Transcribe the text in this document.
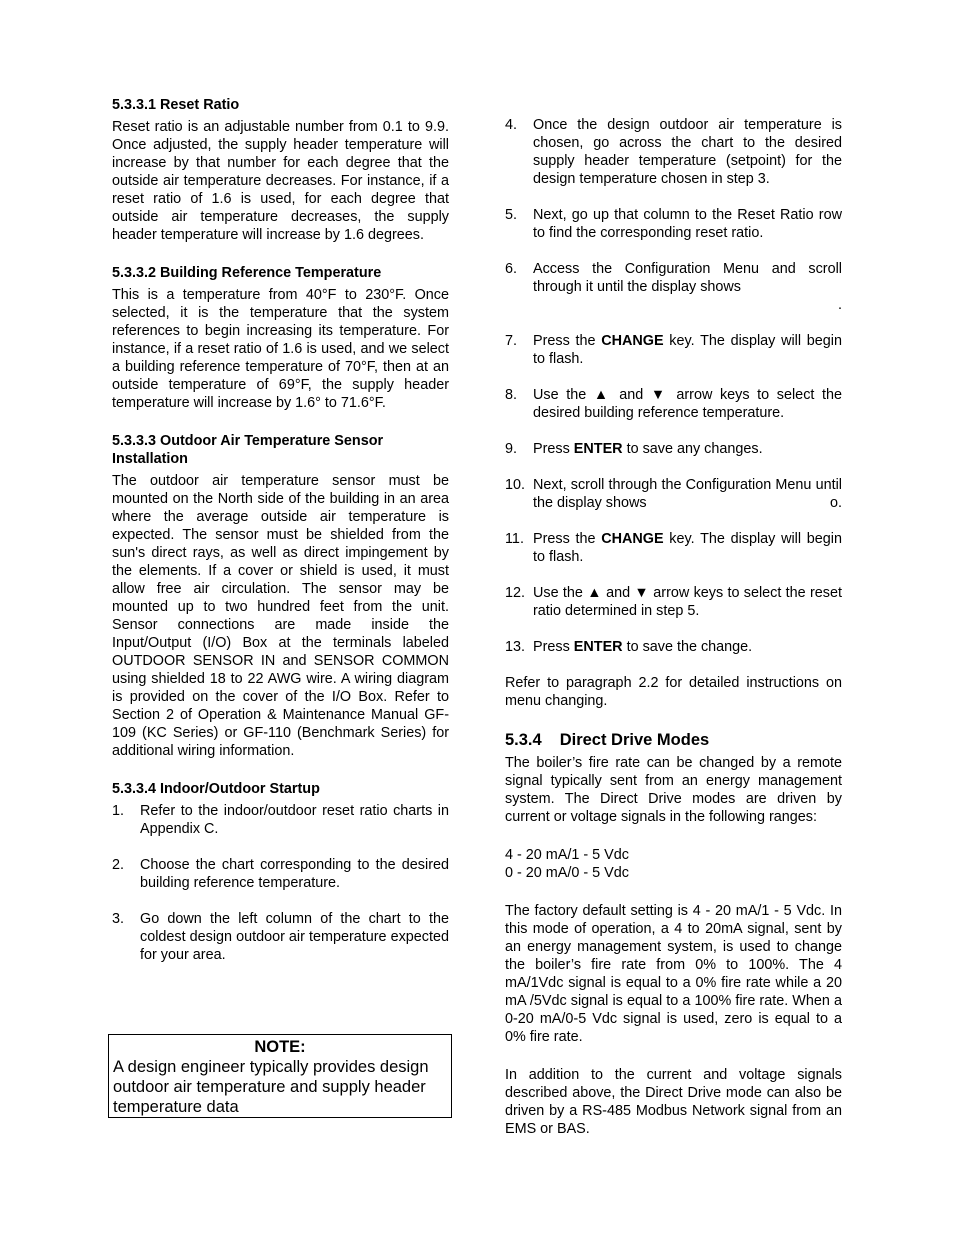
5.3.3.1 Reset Ratio
Reset ratio is an adjustable number from 0.1 to 9.9. Once adjusted, the supply header temperature will increase by that number for each degree that the outside air temperature decreases. For instance, if a reset ratio of 1.6 is used, for each degree that outside air temperature decreases, the supply header temperature will increase by 1.6 degrees.
5.3.3.2 Building Reference Temperature
This is a temperature from 40°F to 230°F. Once selected, it is the temperature that the system references to begin increasing its temperature. For instance, if a reset ratio of 1.6 is used, and we select a building reference temperature of 70°F, then at an outside temperature of 69°F, the supply header temperature will increase by 1.6° to 71.6°F.
5.3.3.3 Outdoor Air Temperature Sensor Installation
The outdoor air temperature sensor must be mounted on the North side of the building in an area where the average outside air temperature is expected. The sensor must be shielded from the sun's direct rays, as well as direct impingement by the elements. If a cover or shield is used, it must allow free air circulation. The sensor may be mounted up to two hundred feet from the unit. Sensor connections are made inside the Input/Output (I/O) Box at the terminals labeled OUTDOOR SENSOR IN and SENSOR COMMON using shielded 18 to 22 AWG wire. A wiring diagram is provided on the cover of the I/O Box. Refer to Section 2 of Operation & Maintenance Manual GF-109 (KC Series) or GF-110 (Benchmark Series) for additional wiring information.
5.3.3.4 Indoor/Outdoor Startup
1. Refer to the indoor/outdoor reset ratio charts in Appendix C.
2. Choose the chart corresponding to the desired building reference temperature.
3. Go down the left column of the chart to the coldest design outdoor air temperature expected for your area.
NOTE:
A design engineer typically provides design outdoor air temperature and supply header temperature data
4. Once the design outdoor air temperature is chosen, go across the chart to the desired supply header temperature (setpoint) for the design temperature chosen in step 3.
5. Next, go up that column to the Reset Ratio row to find the corresponding reset ratio.
6. Access the Configuration Menu and scroll through it until the display shows
.
7. Press the CHANGE key. The display will begin to flash.
8. Use the ▲ and ▼ arrow keys to select the desired building reference temperature.
9. Press ENTER to save any changes.
10. Next, scroll through the Configuration Menu until the display shows	o.
11. Press the CHANGE key. The display will begin to flash.
12. Use the ▲ and ▼ arrow keys to select the reset ratio determined in step 5.
13. Press ENTER to save the change.
Refer to paragraph 2.2 for detailed instructions on menu changing.
5.3.4 Direct Drive Modes
The boiler’s fire rate can be changed by a remote signal typically sent from an energy management system. The Direct Drive modes are driven by current or voltage signals in the following ranges:
4 - 20 mA/1 - 5 Vdc
0 - 20 mA/0 - 5 Vdc
The factory default setting is 4 - 20 mA/1 - 5 Vdc. In this mode of operation, a 4 to 20mA signal, sent by an energy management system, is used to change the boiler’s fire rate from 0% to 100%. The 4 mA/1Vdc signal is equal to a 0% fire rate while a 20 mA /5Vdc signal is equal to a 100% fire rate. When a 0-20 mA/0-5 Vdc signal is used, zero is equal to a 0% fire rate.
In addition to the current and voltage signals described above, the Direct Drive mode can also be driven by a RS-485 Modbus Network signal from an EMS or BAS.
